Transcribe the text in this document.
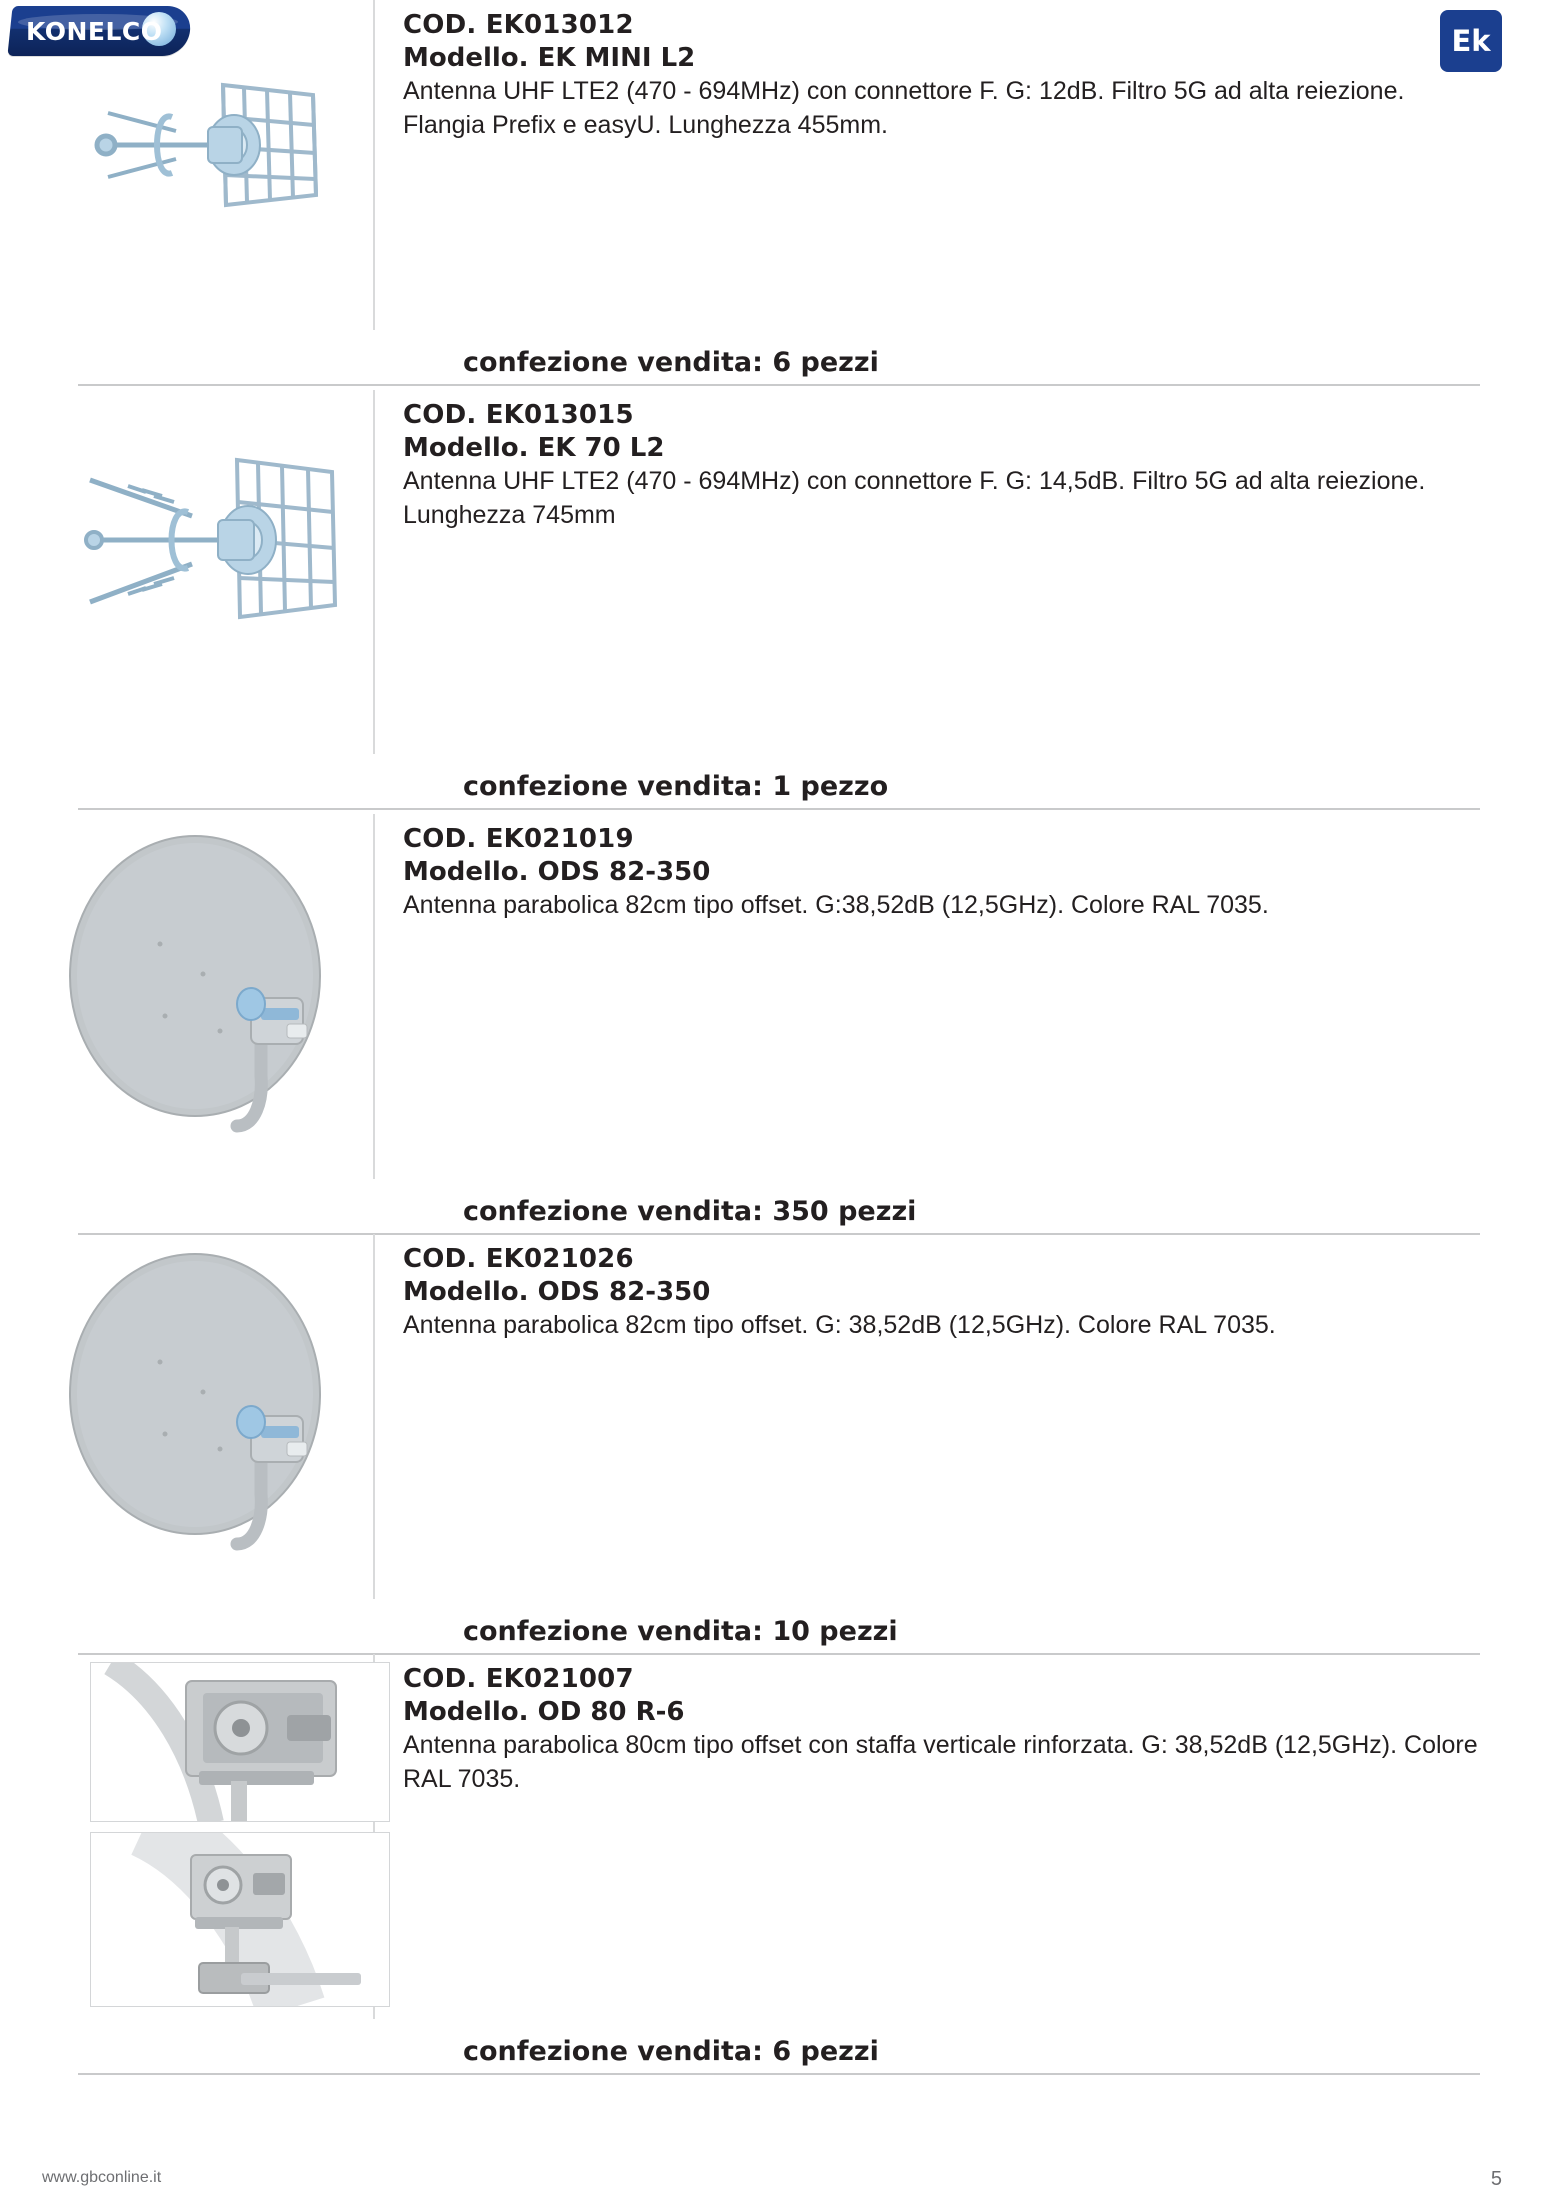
KONELCO	Ek

COD. EK013012

Modello. EK MINI L2

Antenna UHF LTE2 (470 - 694MHz) con connettore F. G: 12dB. Filtro 5G ad alta reiezione. Flangia Prefix e easyU. Lunghezza 455mm.

confezione vendita: 6 pezzi

COD. EK013015

Modello. EK 70 L2

Antenna UHF LTE2 (470 - 694MHz) con connettore F. G: 14,5dB. Filtro 5G ad alta reiezione. Lunghezza 745mm

confezione vendita: 1 pezzo

COD. EK021019

Modello. ODS 82-350

Antenna parabolica 82cm tipo offset. G:38,52dB (12,5GHz). Colore RAL 7035.

confezione vendita: 350 pezzi

COD. EK021026

Modello. ODS 82-350

Antenna parabolica 82cm tipo offset. G: 38,52dB (12,5GHz). Colore RAL 7035.

confezione vendita: 10 pezzi

COD. EK021007

Modello. OD 80 R-6

Antenna parabolica 80cm tipo offset con staffa verticale rinforzata. G: 38,52dB (12,5GHz). Colore RAL 7035.

confezione vendita: 6 pezzi
www.gbconline.it	5
